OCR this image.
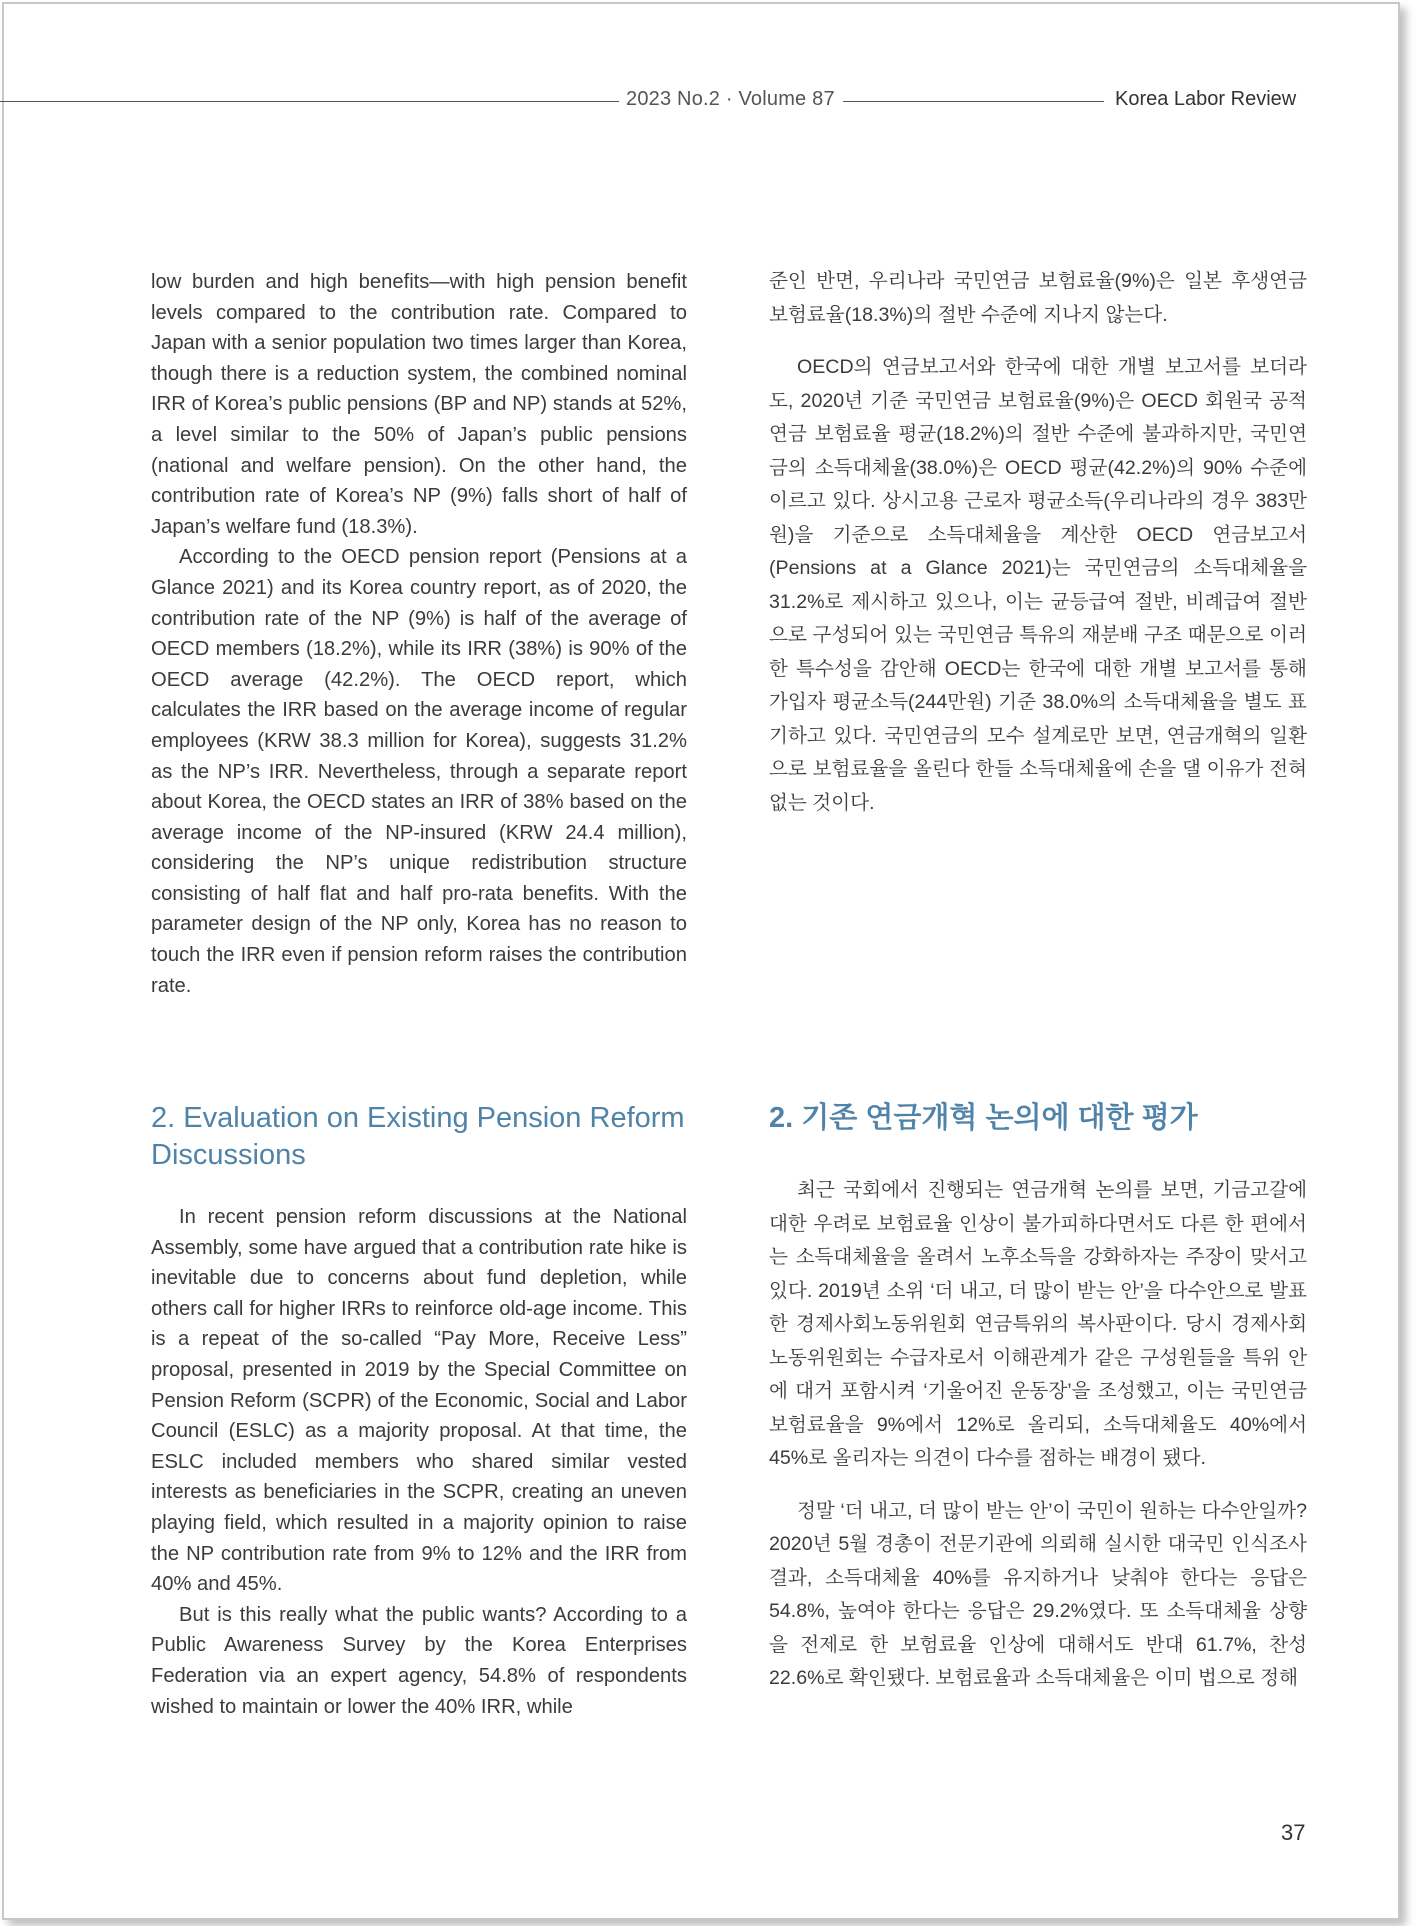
2023 No.2 · Volume 87	Korea Labor Review

low burden and high benefits—with high pension benefit levels compared to the contribution rate. Compared to Japan with a senior population two times larger than Korea, though there is a reduction system, the combined nominal IRR of Korea’s public pensions (BP and NP) stands at 52%, a level similar to the 50% of Japan’s public pensions (national and welfare pension). On the other hand, the contribution rate of Korea’s NP (9%) falls short of half of Japan’s welfare fund (18.3%).

According to the OECD pension report (Pensions at a Glance 2021) and its Korea country report, as of 2020, the contribution rate of the NP (9%) is half of the average of OECD members (18.2%), while its IRR (38%) is 90% of the OECD average (42.2%). The OECD report, which calculates the IRR based on the average income of regular employees (KRW 38.3 million for Korea), suggests 31.2% as the NP’s IRR. Nevertheless, through a separate report about Korea, the OECD states an IRR of 38% based on the average income of the NP-insured (KRW 24.4 million), considering the NP’s unique redistribution structure consisting of half flat and half pro-rata benefits. With the parameter design of the NP only, Korea has no reason to touch the IRR even if pension reform raises the contribution rate.

준인 반면, 우리나라 국민연금 보험료율(9%)은 일본 후생연금 보험료율(18.3%)의 절반 수준에 지나지 않는다.

OECD의 연금보고서와 한국에 대한 개별 보고서를 보더라도, 2020년 기준 국민연금 보험료율(9%)은 OECD 회원국 공적연금 보험료율 평균(18.2%)의 절반 수준에 불과하지만, 국민연금의 소득대체율(38.0%)은 OECD 평균(42.2%)의 90% 수준에 이르고 있다. 상시고용 근로자 평균소득(우리나라의 경우 383만원)을 기준으로 소득대체율을 계산한 OECD 연금보고서(Pensions at a Glance 2021)는 국민연금의 소득대체율을 31.2%로 제시하고 있으나, 이는 균등급여 절반, 비례급여 절반으로 구성되어 있는 국민연금 특유의 재분배 구조 때문으로 이러한 특수성을 감안해 OECD는 한국에 대한 개별 보고서를 통해 가입자 평균소득(244만원) 기준 38.0%의 소득대체율을 별도 표기하고 있다. 국민연금의 모수 설계로만 보면, 연금개혁의 일환으로 보험료율을 올린다 한들 소득대체율에 손을 댈 이유가 전혀 없는 것이다.

2. Evaluation on Existing Pension Reform Discussions
2. 기존 연금개혁 논의에 대한 평가

In recent pension reform discussions at the National Assembly, some have argued that a contribution rate hike is inevitable due to concerns about fund depletion, while others call for higher IRRs to reinforce old-age income. This is a repeat of the so-called “Pay More, Receive Less” proposal, presented in 2019 by the Special Committee on Pension Reform (SCPR) of the Economic, Social and Labor Council (ESLC) as a majority proposal. At that time, the ESLC included members who shared similar vested interests as beneficiaries in the SCPR, creating an uneven playing field, which resulted in a majority opinion to raise the NP contribution rate from 9% to 12% and the IRR from 40% and 45%.

But is this really what the public wants? According to a Public Awareness Survey by the Korea Enterprises Federation via an expert agency, 54.8% of respondents wished to maintain or lower the 40% IRR, while

최근 국회에서 진행되는 연금개혁 논의를 보면, 기금고갈에 대한 우려로 보험료율 인상이 불가피하다면서도 다른 한 편에서는 소득대체율을 올려서 노후소득을 강화하자는 주장이 맞서고 있다. 2019년 소위 ‘더 내고, 더 많이 받는 안’을 다수안으로 발표한 경제사회노동위원회 연금특위의 복사판이다. 당시 경제사회노동위원회는 수급자로서 이해관계가 같은 구성원들을 특위 안에 대거 포함시켜 ‘기울어진 운동장’을 조성했고, 이는 국민연금 보험료율을 9%에서 12%로 올리되, 소득대체율도 40%에서 45%로 올리자는 의견이 다수를 점하는 배경이 됐다.

정말 ‘더 내고, 더 많이 받는 안’이 국민이 원하는 다수안일까? 2020년 5월 경총이 전문기관에 의뢰해 실시한 대국민 인식조사 결과, 소득대체율 40%를 유지하거나 낮춰야 한다는 응답은 54.8%, 높여야 한다는 응답은 29.2%였다. 또 소득대체율 상향을 전제로 한 보험료율 인상에 대해서도 반대 61.7%, 찬성 22.6%로 확인됐다. 보험료율과 소득대체율은 이미 법으로 정해

37
